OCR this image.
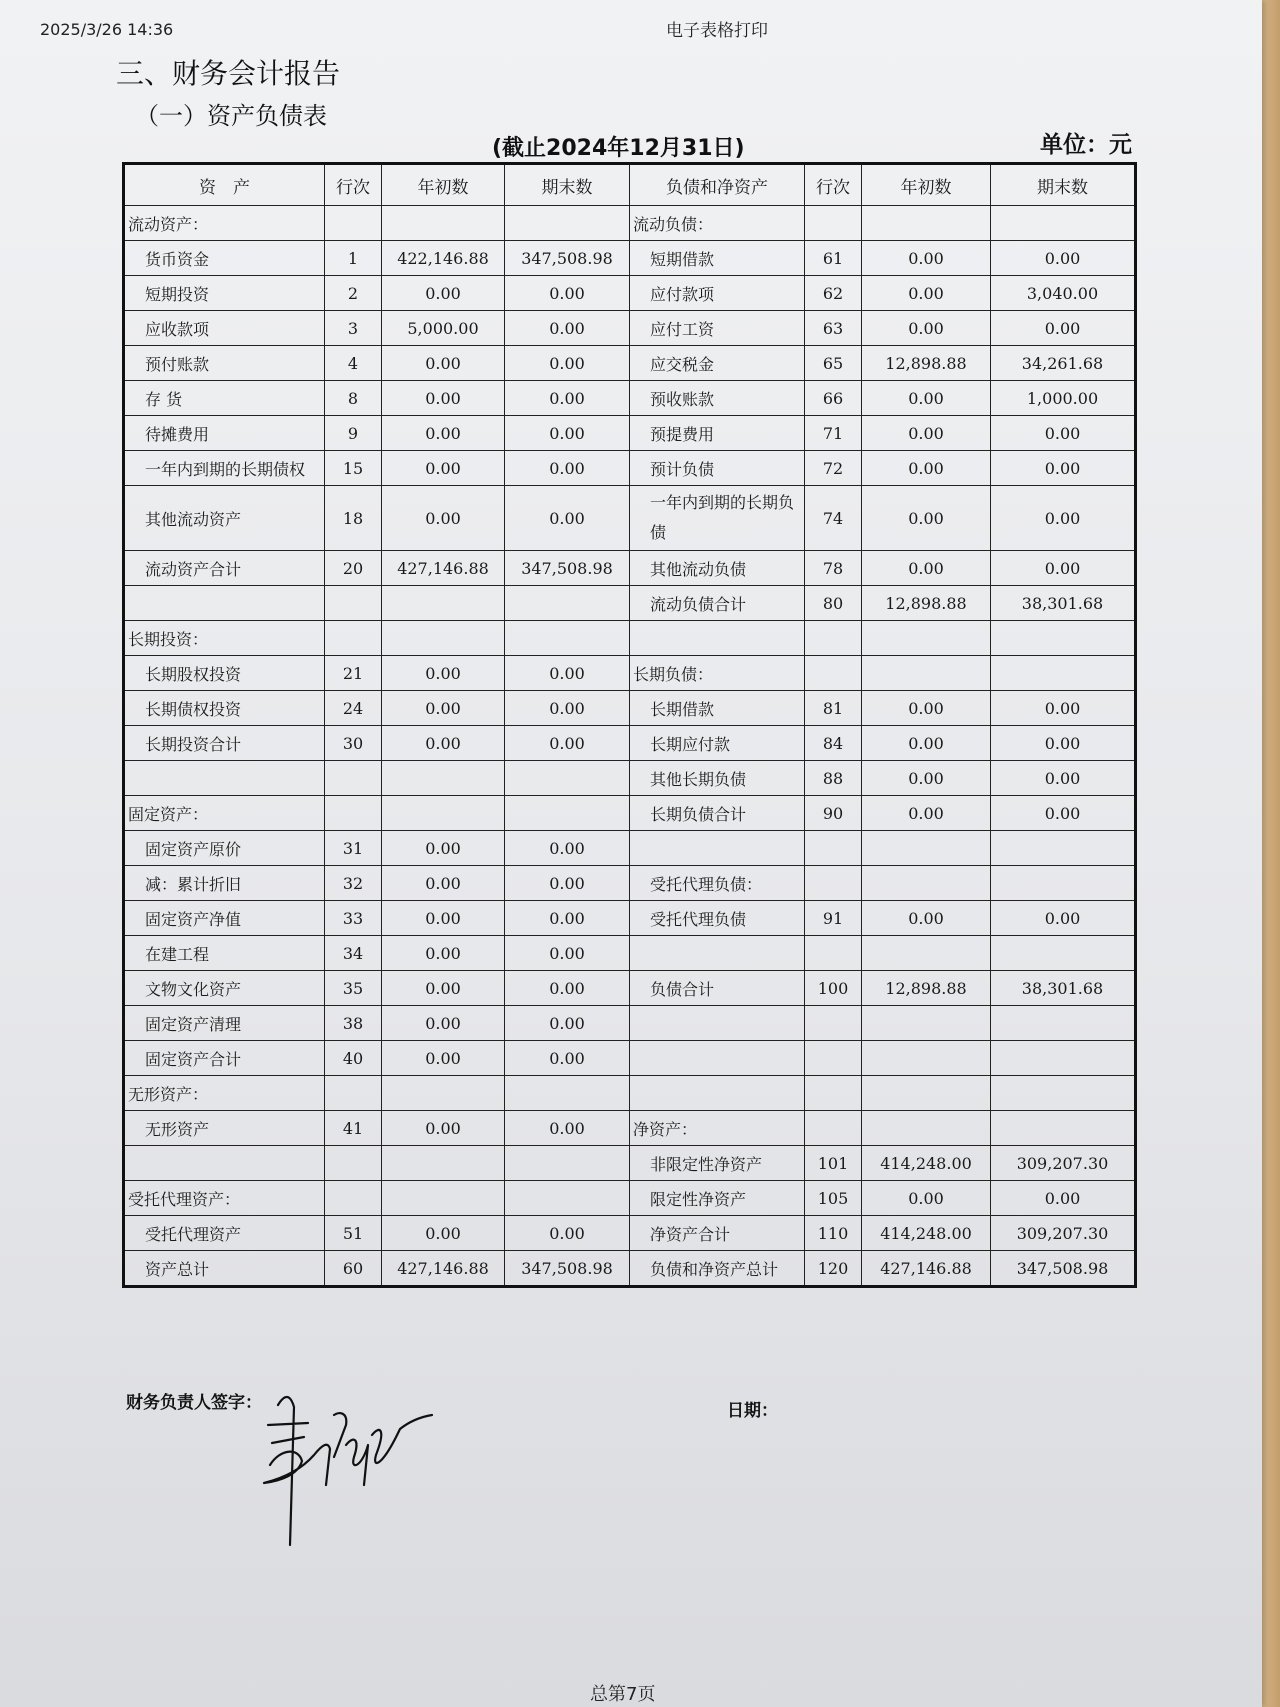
2025/3/26 14:36	电子表格打印
三、财务会计报告
（一）资产负债表
(截止2024年12月31日)	单位：元
资　产	行次	年初数	期末数	负债和净资产	行次	年初数	期末数
流动资产：				流动负债：			
货币资金	1	422,146.88	347,508.98	短期借款	61	0.00	0.00
短期投资	2	0.00	0.00	应付款项	62	0.00	3,040.00
应收款项	3	5,000.00	0.00	应付工资	63	0.00	0.00
预付账款	4	0.00	0.00	应交税金	65	12,898.88	34,261.68
存 货	8	0.00	0.00	预收账款	66	0.00	1,000.00
待摊费用	9	0.00	0.00	预提费用	71	0.00	0.00
一年内到期的长期债权	15	0.00	0.00	预计负债	72	0.00	0.00
其他流动资产	18	0.00	0.00	一年内到期的长期负债	74	0.00	0.00
流动资产合计	20	427,146.88	347,508.98	其他流动负债	78	0.00	0.00
				流动负债合计	80	12,898.88	38,301.68
长期投资：							
长期股权投资	21	0.00	0.00	长期负债：			
长期债权投资	24	0.00	0.00	长期借款	81	0.00	0.00
长期投资合计	30	0.00	0.00	长期应付款	84	0.00	0.00
				其他长期负债	88	0.00	0.00
固定资产：				长期负债合计	90	0.00	0.00
固定资产原价	31	0.00	0.00				
减：累计折旧	32	0.00	0.00	受托代理负债：			
固定资产净值	33	0.00	0.00	受托代理负债	91	0.00	0.00
在建工程	34	0.00	0.00				
文物文化资产	35	0.00	0.00	负债合计	100	12,898.88	38,301.68
固定资产清理	38	0.00	0.00				
固定资产合计	40	0.00	0.00				
无形资产：							
无形资产	41	0.00	0.00	净资产：			
				非限定性净资产	101	414,248.00	309,207.30
受托代理资产：				限定性净资产	105	0.00	0.00
受托代理资产	51	0.00	0.00	净资产合计	110	414,248.00	309,207.30
资产总计	60	427,146.88	347,508.98	负债和净资产总计	120	427,146.88	347,508.98
财务负责人签字：	日期：
总第7页
